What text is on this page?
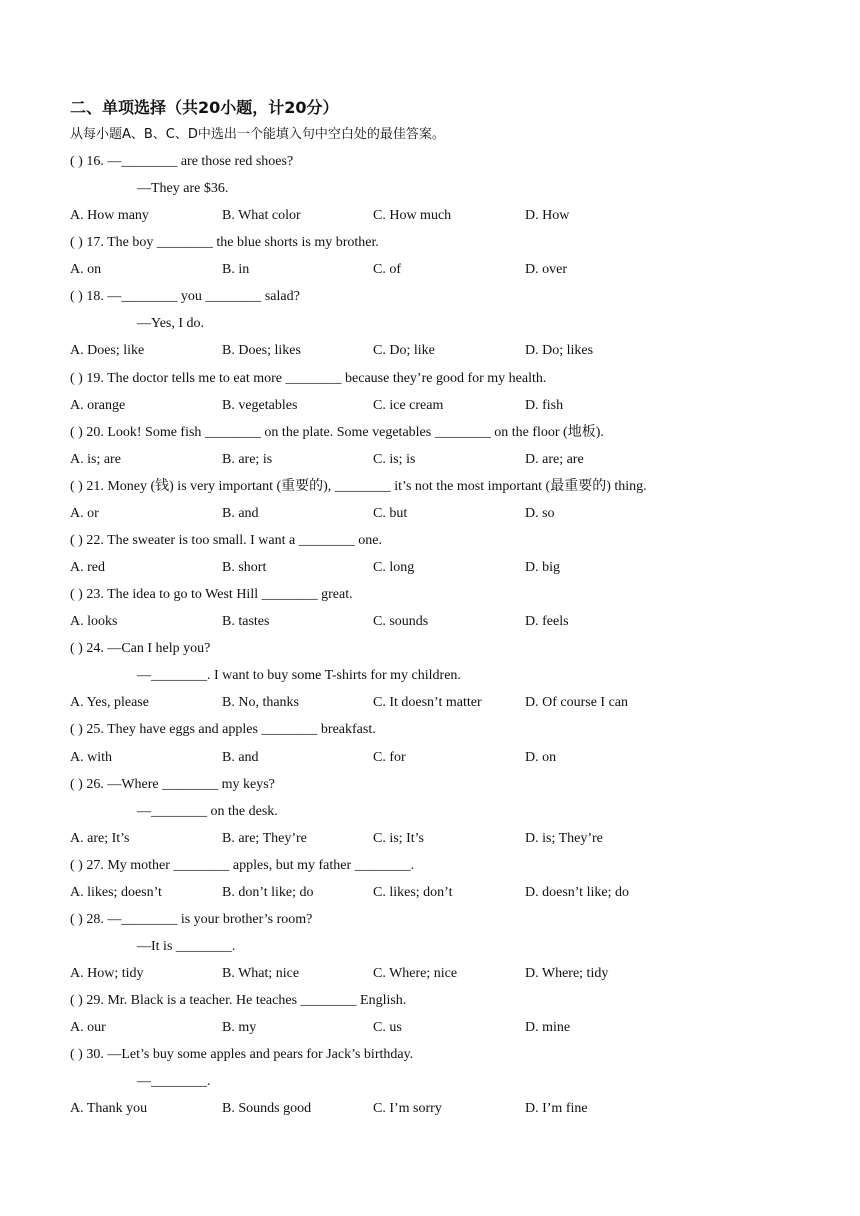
二、单项选择（共20小题，计20分）
从每小题A、B、C、D中选出一个能填入句中空白处的最佳答案。
( ) 16. —________ are those red shoes?
—They are $36.
A. How many	B. What color	C. How much	D. How
( ) 17. The boy ________ the blue shorts is my brother.
A. on	B. in	C. of	D. over
( ) 18. —________ you ________ salad?
—Yes, I do.
A. Does; like	B. Does; likes	C. Do; like	D. Do; likes
( ) 19. The doctor tells me to eat more ________ because they’re good for my health.
A. orange	B. vegetables	C. ice cream	D. fish
( ) 20. Look! Some fish ________ on the plate. Some vegetables ________ on the floor (地板).
A. is; are	B. are; is	C. is; is	D. are; are
( ) 21. Money (钱) is very important (重要的), ________ it’s not the most important (最重要的) thing.
A. or	B. and	C. but	D. so
( ) 22. The sweater is too small. I want a ________ one.
A. red	B. short	C. long	D. big
( ) 23. The idea to go to West Hill ________ great.
A. looks	B. tastes	C. sounds	D. feels
( ) 24. —Can I help you?
—________. I want to buy some T-shirts for my children.
A. Yes, please	B. No, thanks	C. It doesn’t matter	D. Of course I can
( ) 25. They have eggs and apples ________ breakfast.
A. with	B. and	C. for	D. on
( ) 26. —Where ________ my keys?
—________ on the desk.
A. are; It’s	B. are; They’re	C. is; It’s	D. is; They’re
( ) 27. My mother ________ apples, but my father ________.
A. likes; doesn’t	B. don’t like; do	C. likes; don’t	D. doesn’t like; do
( ) 28. —________ is your brother’s room?
—It is ________.
A. How; tidy	B. What; nice	C. Where; nice	D. Where; tidy
( ) 29. Mr. Black is a teacher. He teaches ________ English.
A. our	B. my	C. us	D. mine
( ) 30. —Let’s buy some apples and pears for Jack’s birthday.
—________.
A. Thank you	B. Sounds good	C. I’m sorry	D. I’m fine
